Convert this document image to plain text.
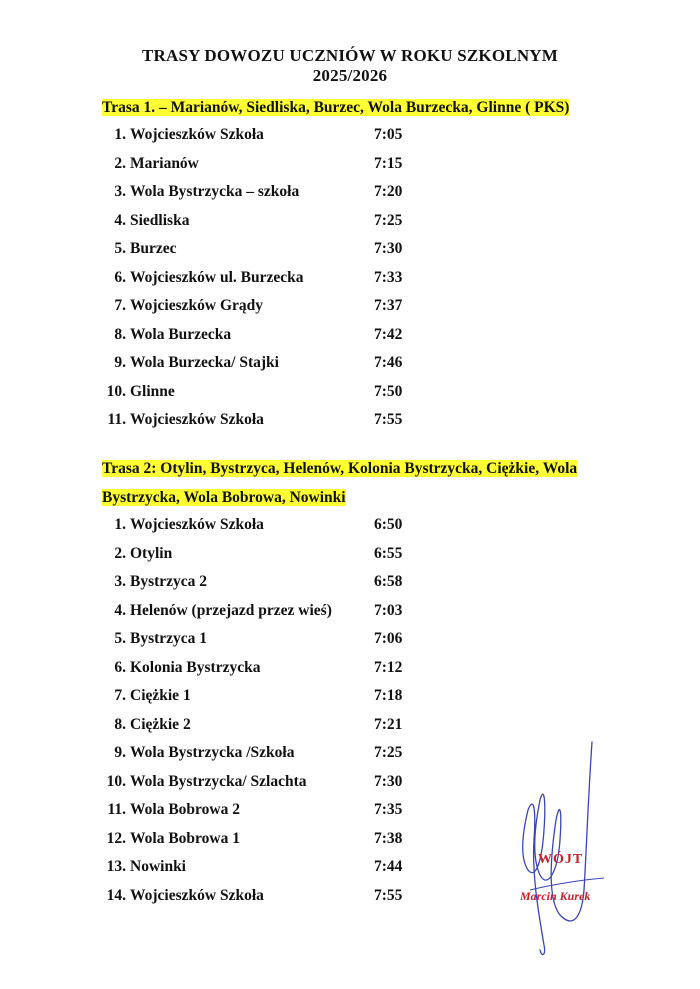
TRASY DOWOZU UCZNIÓW W ROKU SZKOLNYM
2025/2026
Trasa 1. – Marianów, Siedliska, Burzec, Wola Burzecka, Glinne ( PKS)
1. Wojcieszków Szkoła	7:05
2. Marianów	7:15
3. Wola Bystrzycka – szkoła	7:20
4. Siedliska	7:25
5. Burzec	7:30
6. Wojcieszków ul. Burzecka	7:33
7. Wojcieszków Grądy	7:37
8. Wola Burzecka	7:42
9. Wola Burzecka/ Stajki	7:46
10. Glinne	7:50
11. Wojcieszków Szkoła	7:55
Trasa 2: Otylin, Bystrzyca, Helenów, Kolonia Bystrzycka, Ciężkie, Wola
Bystrzycka, Wola Bobrowa, Nowinki
1. Wojcieszków Szkoła	6:50
2. Otylin	6:55
3. Bystrzyca 2	6:58
4. Helenów (przejazd przez wieś)	7:03
5. Bystrzyca 1	7:06
6. Kolonia Bystrzycka	7:12
7. Ciężkie 1	7:18
8. Ciężkie 2	7:21
9. Wola Bystrzycka /Szkoła	7:25
10. Wola Bystrzycka/ Szlachta	7:30
11. Wola Bobrowa 2	7:35
12. Wola Bobrowa 1	7:38
13. Nowinki	7:44
14. Wojcieszków Szkoła	7:55
WÓJT
Marcin Kurek
